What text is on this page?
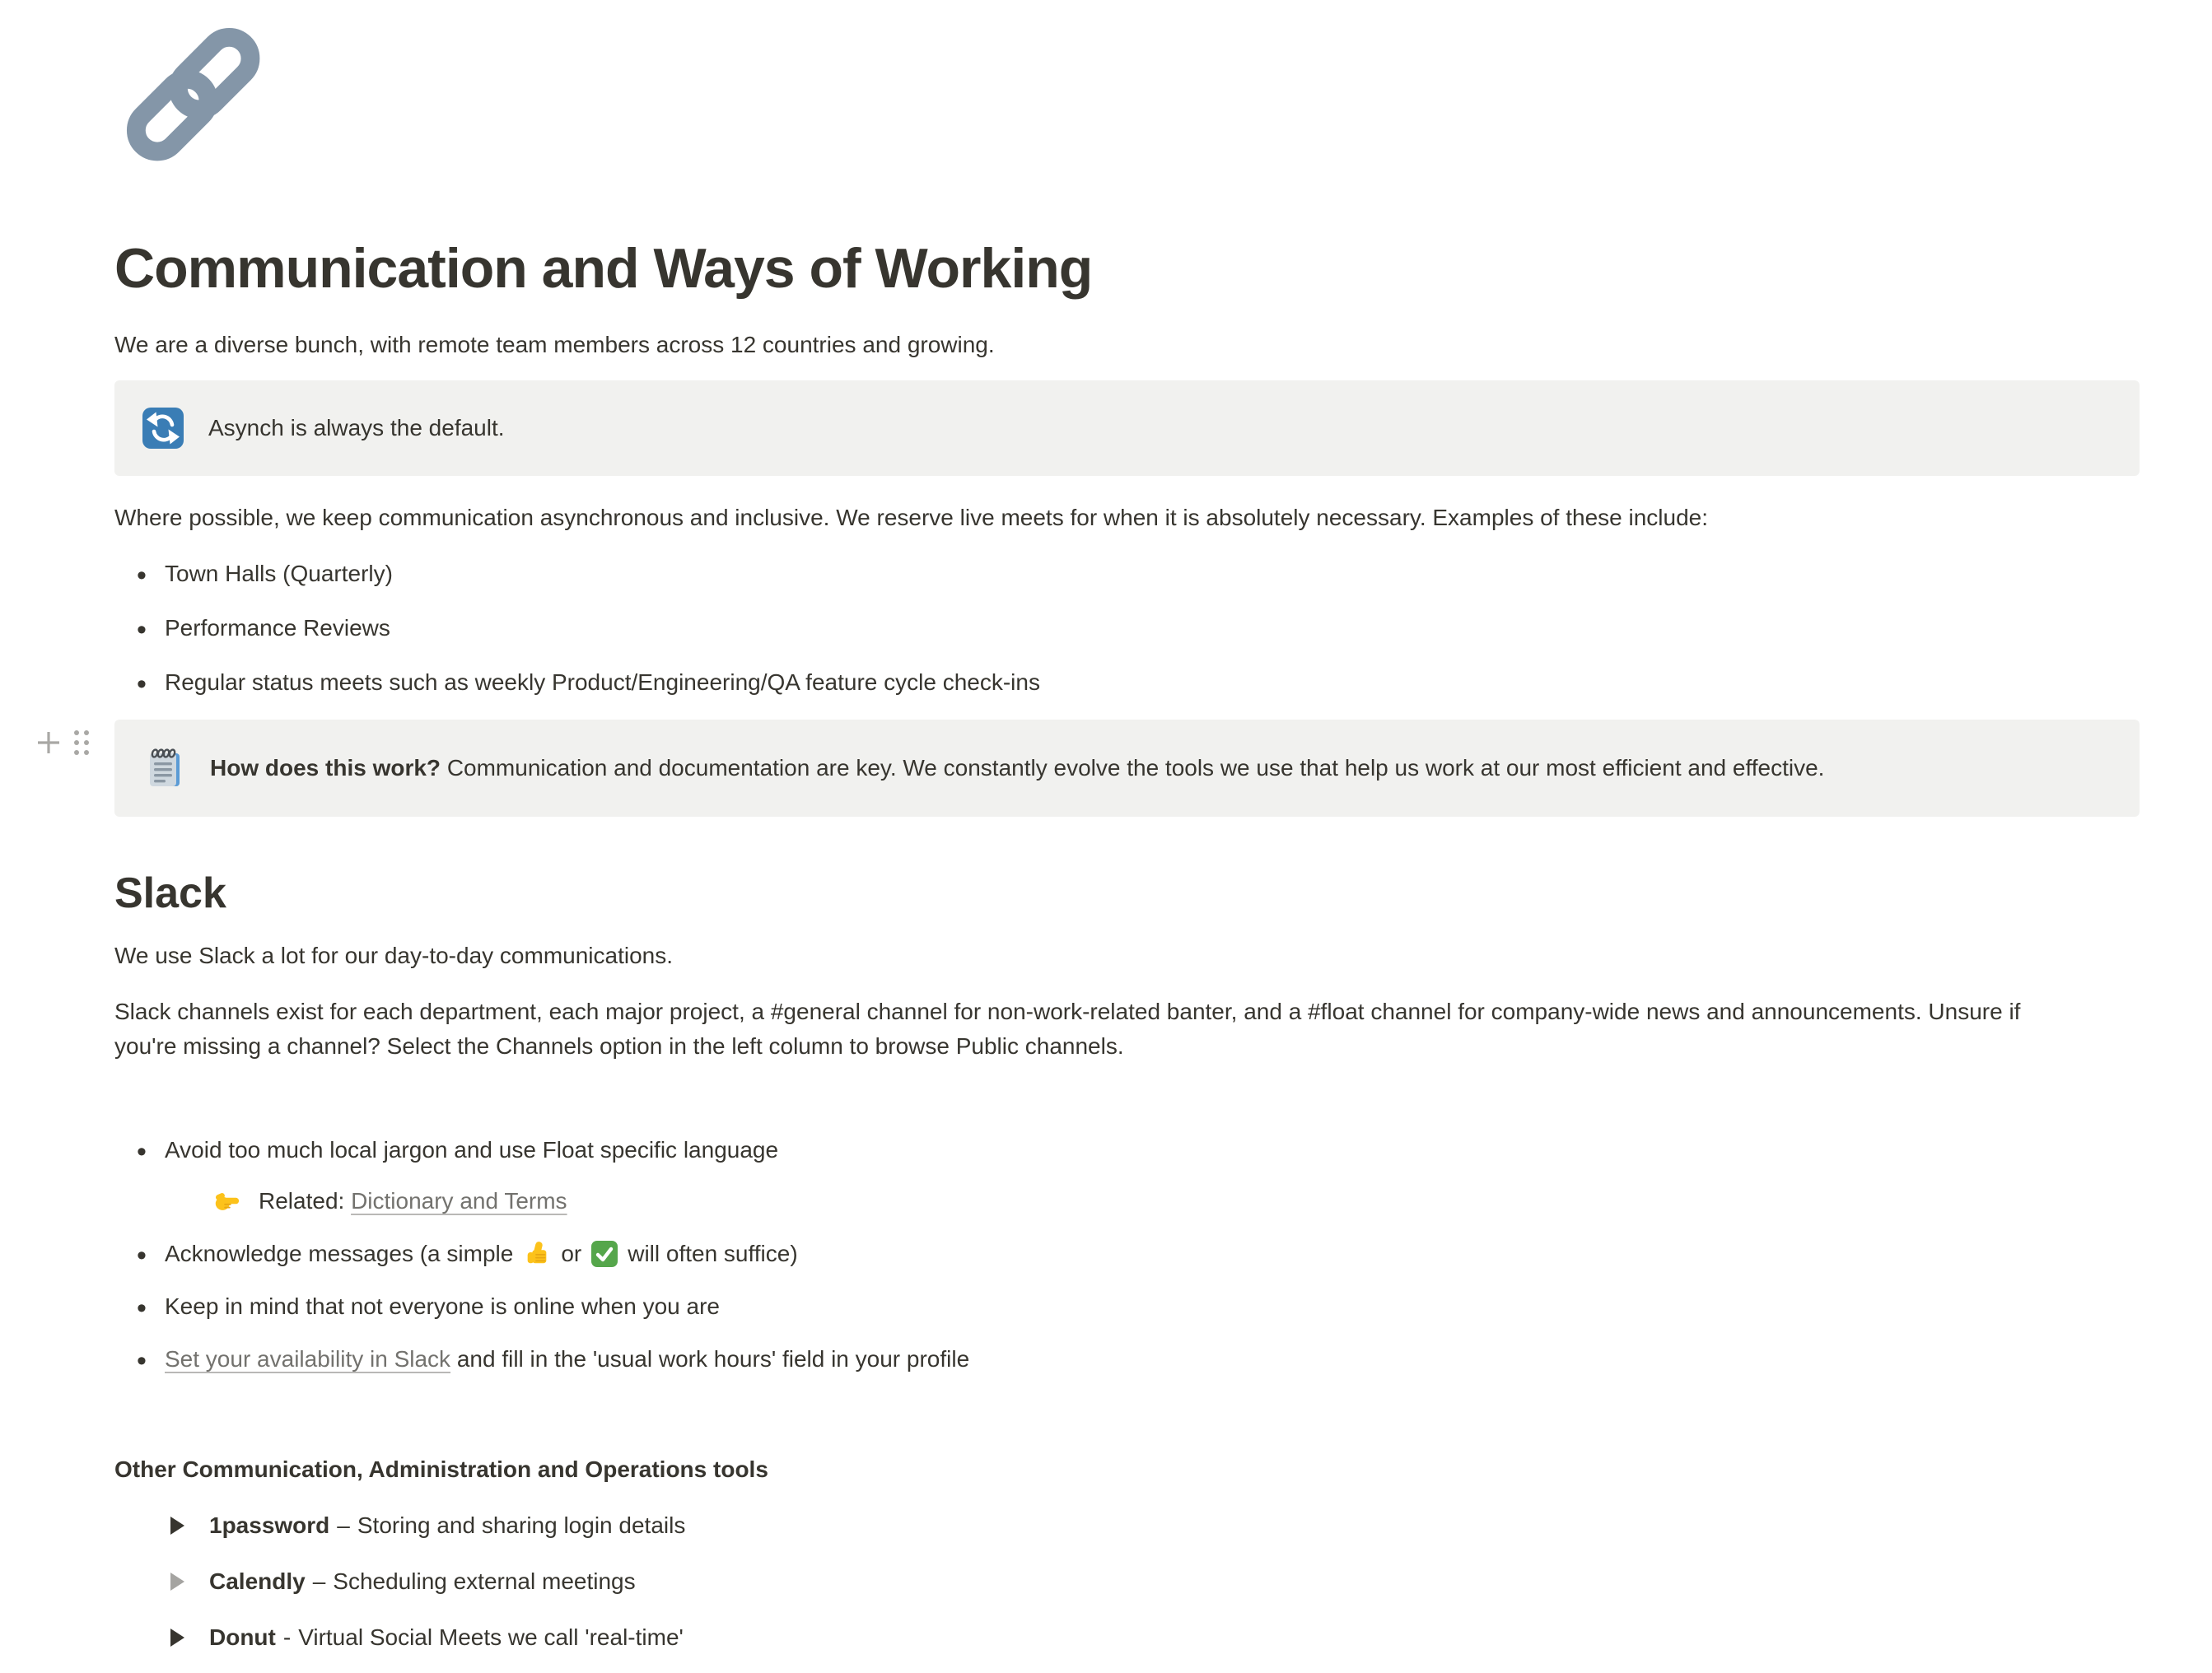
Communication and Ways of Working

We are a diverse bunch, with remote team members across 12 countries and growing.

Asynch is always the default.

Where possible, we keep communication asynchronous and inclusive. We reserve live meets for when it is absolutely necessary. Examples of these include:

• Town Halls (Quarterly)
• Performance Reviews
• Regular status meets such as weekly Product/Engineering/QA feature cycle check-ins
How does this work? Communication and documentation are key. We constantly evolve the tools we use that help us work at our most efficient and effective.
Slack

We use Slack a lot for our day-to-day communications.

Slack channels exist for each department, each major project, a #general channel for non-work-related banter, and a #float channel for company-wide news and announcements. Unsure if you're missing a channel? Select the Channels option in the left column to browse Public channels.

• Avoid too much local jargon and use Float specific language
Related:
Dictionary and Terms
• Acknowledge messages (a simple or will often suffice)
• Keep in mind that not everyone is online when you are
• Set your availability in Slack and fill in the 'usual work hours' field in your profile
Other Communication, Administration and Operations tools
1password – Storing and sharing login details
Calendly – Scheduling external meetings
Donut - Virtual Social Meets we call 'real-time'
